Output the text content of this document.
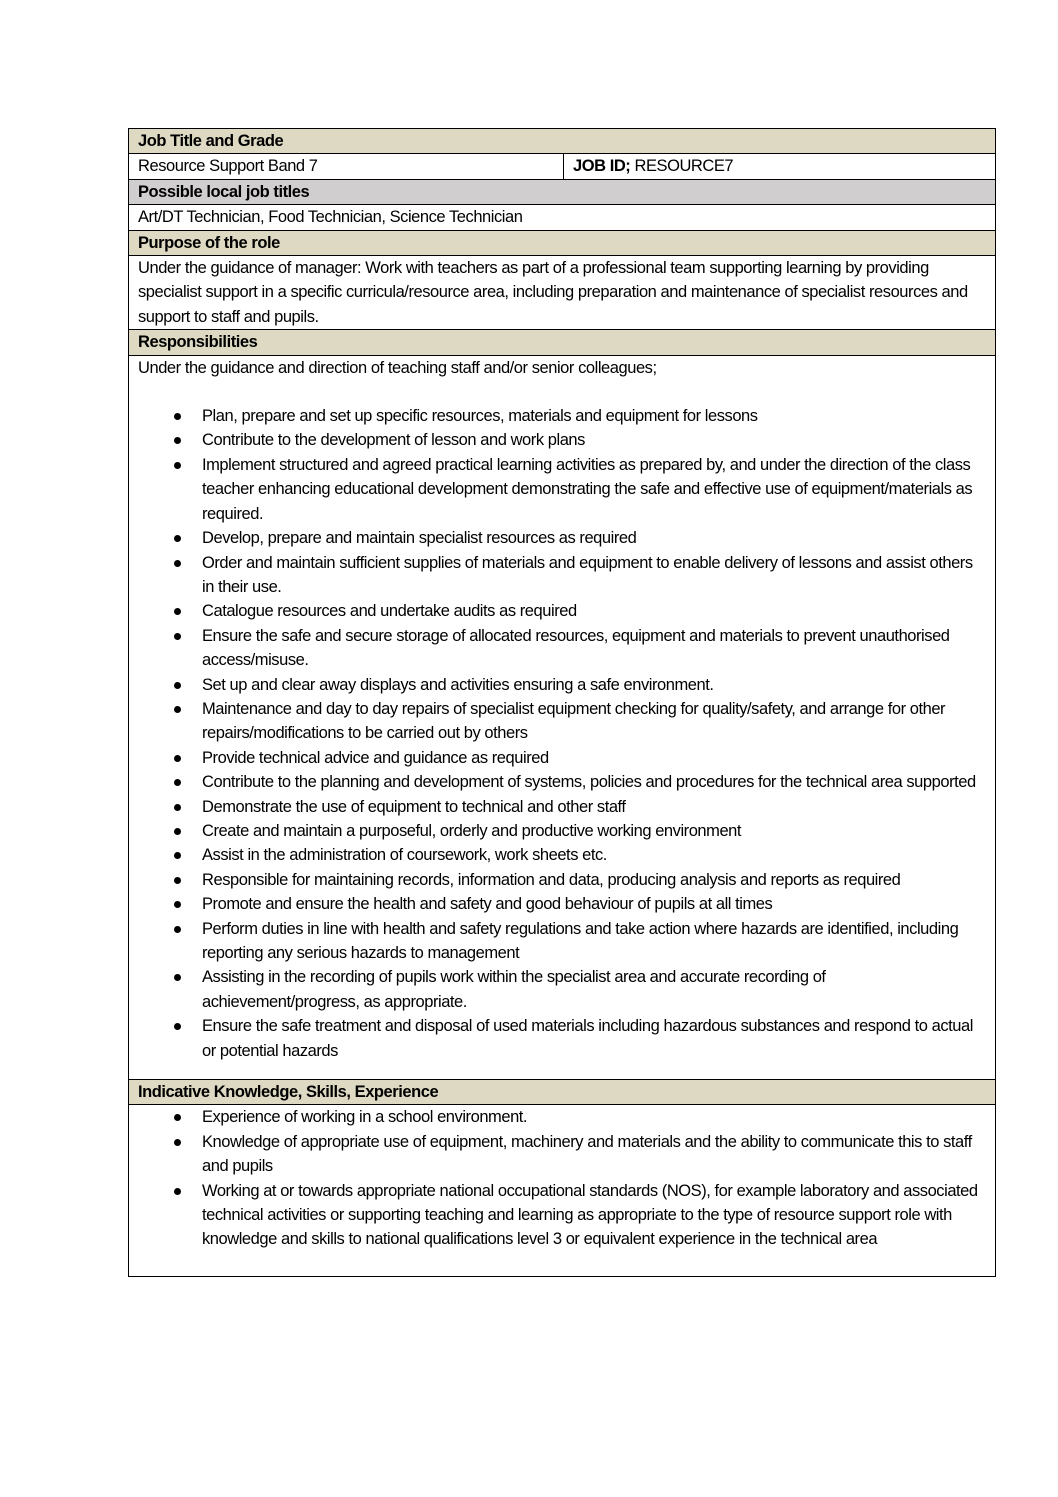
Job Title and Grade
Resource Support Band 7	JOB ID; RESOURCE7
Possible local job titles
Art/DT Technician, Food Technician, Science Technician
Purpose of the role
Under the guidance of manager: Work with teachers as part of a professional team supporting learning by providing specialist support in a specific curricula/resource area, including preparation and maintenance of specialist resources and support to staff and pupils.
Responsibilities

Under the guidance and direction of teaching staff and/or senior colleagues;

Plan, prepare and set up specific resources, materials and equipment for lessons
Contribute to the development of lesson and work plans
Implement structured and agreed practical learning activities as prepared by, and under the direction of the class teacher enhancing educational development demonstrating the safe and effective use of equipment/materials as required.
Develop, prepare and maintain specialist resources as required
Order and maintain sufficient supplies of materials and equipment to enable delivery of lessons and assist others in their use.
Catalogue resources and undertake audits as required
Ensure the safe and secure storage of allocated resources, equipment and materials to prevent unauthorised access/misuse.
Set up and clear away displays and activities ensuring a safe environment.
Maintenance and day to day repairs of specialist equipment checking for quality/safety, and arrange for other repairs/modifications to be carried out by others
Provide technical advice and guidance as required
Contribute to the planning and development of systems, policies and procedures for the technical area supported
Demonstrate the use of equipment to technical and other staff
Create and maintain a purposeful, orderly and productive working environment
Assist in the administration of coursework, work sheets etc.
Responsible for maintaining records, information and data, producing analysis and reports as required
Promote and ensure the health and safety and good behaviour of pupils at all times
Perform duties in line with health and safety regulations and take action where hazards are identified, including reporting any serious hazards to management
Assisting in the recording of pupils work within the specialist area and accurate recording of achievement/progress, as appropriate.
Ensure the safe treatment and disposal of used materials including hazardous substances and respond to actual or potential hazards

Indicative Knowledge, Skills, Experience

Experience of working in a school environment.
Knowledge of appropriate use of equipment, machinery and materials and the ability to communicate this to staff and pupils
Working at or towards appropriate national occupational standards (NOS), for example laboratory and associated technical activities or supporting teaching and learning as appropriate to the type of resource support role with knowledge and skills to national qualifications level 3 or equivalent experience in the technical area
